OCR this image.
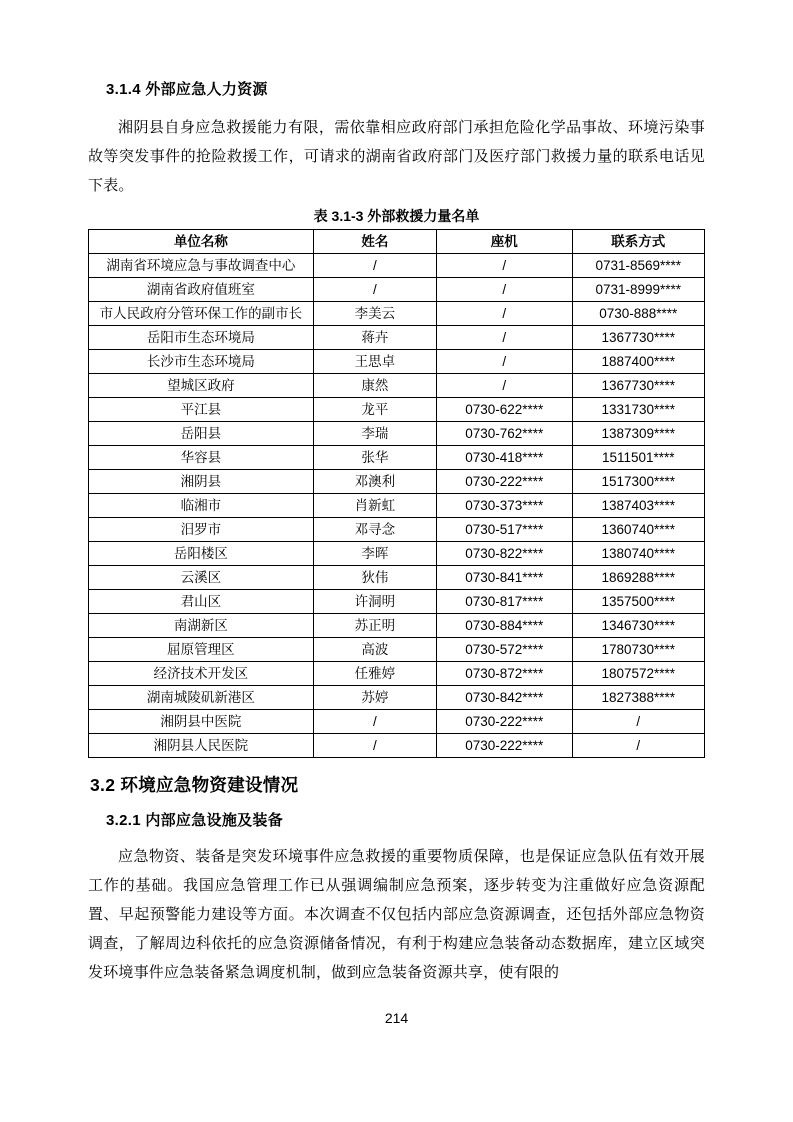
3.1.4 外部应急人力资源

湘阴县自身应急救援能力有限，需依靠相应政府部门承担危险化学品事故、环境污染事故等突发事件的抢险救援工作，可请求的湖南省政府部门及医疗部门救援力量的联系电话见下表。

表 3.1-3 外部救援力量名单
单位名称	姓名	座机	联系方式
湖南省环境应急与事故调查中心	/	/	0731-8569****
湖南省政府值班室	/	/	0731-8999****
市人民政府分管环保工作的副市长	李美云	/	0730-888****
岳阳市生态环境局	蒋卉	/	1367730****
长沙市生态环境局	王思卓	/	1887400****
望城区政府	康然	/	1367730****
平江县	龙平	0730-622****	1331730****
岳阳县	李瑞	0730-762****	1387309****
华容县	张华	0730-418****	1511501****
湘阴县	邓澳利	0730-222****	1517300****
临湘市	肖新虹	0730-373****	1387403****
汨罗市	邓寻念	0730-517****	1360740****
岳阳楼区	李晖	0730-822****	1380740****
云溪区	狄伟	0730-841****	1869288****
君山区	许洞明	0730-817****	1357500****
南湖新区	苏正明	0730-884****	1346730****
屈原管理区	高波	0730-572****	1780730****
经济技术开发区	任雅婷	0730-872****	1807572****
湖南城陵矶新港区	苏婷	0730-842****	1827388****
湘阴县中医院	/	0730-222****	/
湘阴县人民医院	/	0730-222****	/
3.2 环境应急物资建设情况
3.2.1 内部应急设施及装备

应急物资、装备是突发环境事件应急救援的重要物质保障，也是保证应急队伍有效开展工作的基础。我国应急管理工作已从强调编制应急预案，逐步转变为注重做好应急资源配置、早起预警能力建设等方面。本次调查不仅包括内部应急资源调查，还包括外部应急物资调查，了解周边科依托的应急资源储备情况，有利于构建应急装备动态数据库，建立区域突发环境事件应急装备紧急调度机制，做到应急装备资源共享，使有限的

214
